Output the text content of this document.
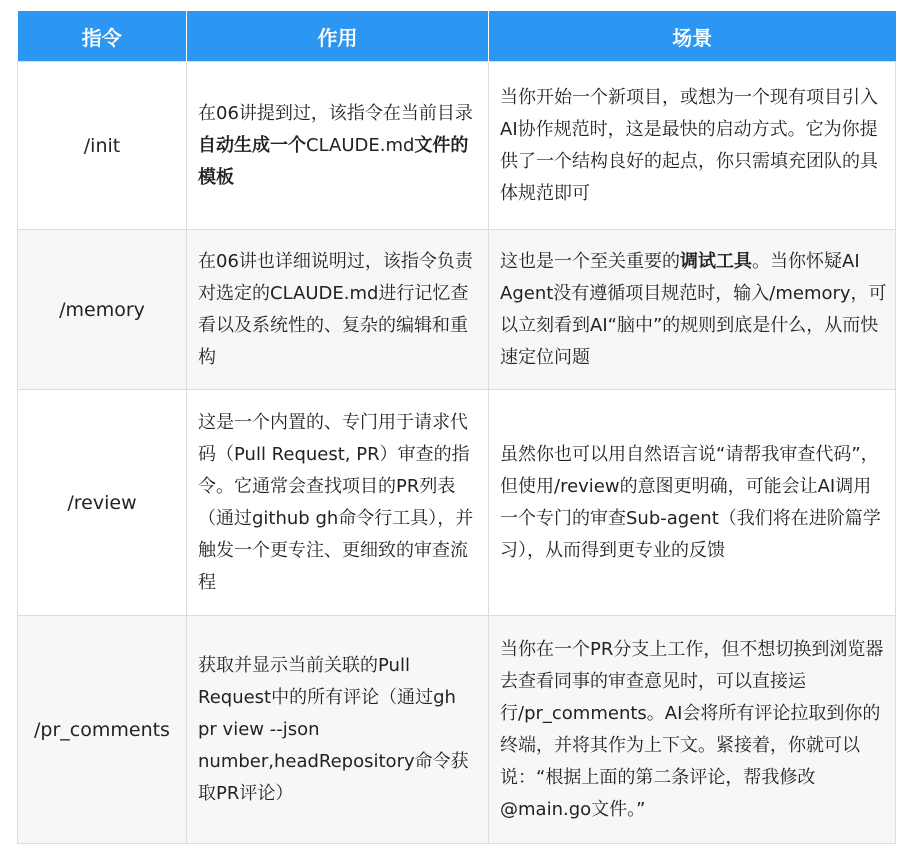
指令	作用	场景
/init	在06讲提到过，该指令在当前目录自动生成一个CLAUDE.md文件的模板	当你开始一个新项目，或想为一个现有项目引入AI协作规范时，这是最快的启动方式。它为你提供了一个结构良好的起点，你只需填充团队的具体规范即可
/memory	在06讲也详细说明过，该指令负责对选定的CLAUDE.md进行记忆查看以及系统性的、复杂的编辑和重构	这也是一个至关重要的调试工具。当你怀疑AI Agent没有遵循项目规范时，输入/memory，可以立刻看到AI“脑中”的规则到底是什么，从而快速定位问题
/review	这是一个内置的、专门用于请求代码（Pull Request, PR）审查的指令。它通常会查找项目的PR列表（通过github gh命令行工具），并触发一个更专注、更细致的审查流程	虽然你也可以用自然语言说“请帮我审查代码”，但使用/review的意图更明确，可能会让AI调用一个专门的审查Sub-agent（我们将在进阶篇学习），从而得到更专业的反馈
/pr_comments	获取并显示当前关联的Pull Request中的所有评论（通过gh pr view --json number,headRepository命令获取PR评论）	当你在一个PR分支上工作，但不想切换到浏览器去查看同事的审查意见时，可以直接运行/pr_comments。AI会将所有评论拉取到你的终端，并将其作为上下文。紧接着，你就可以说：“根据上面的第二条评论，帮我修改@main.go文件。”
